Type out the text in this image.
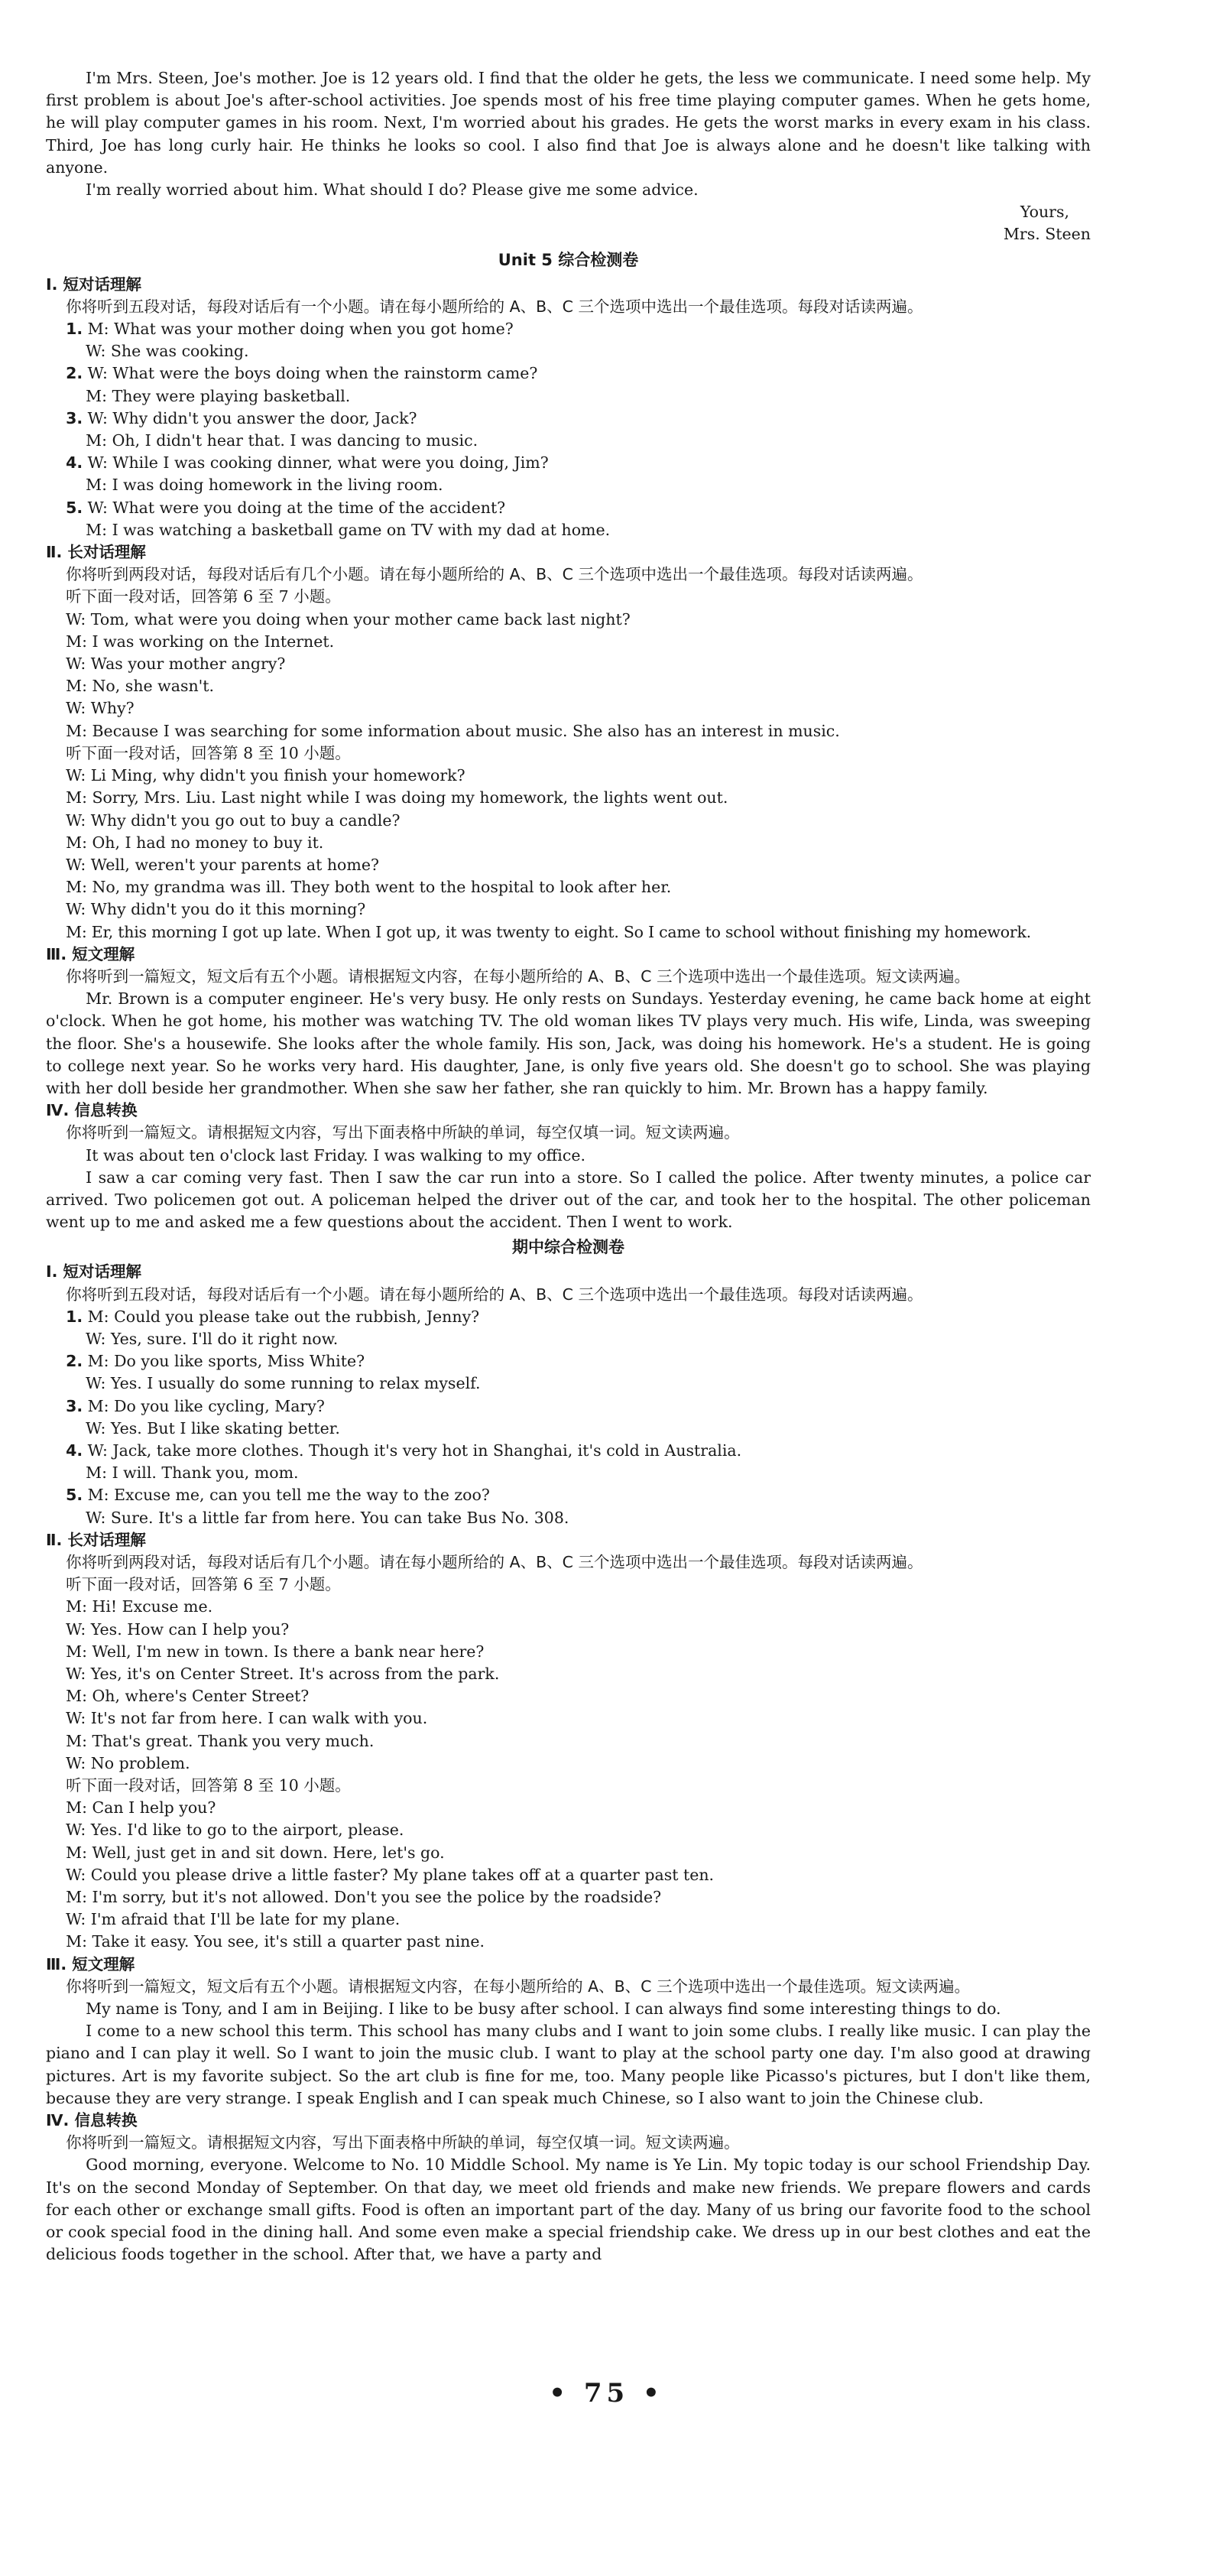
I'm Mrs. Steen, Joe's mother. Joe is 12 years old. I find that the older he gets, the less we communicate. I need some help. My first problem is about Joe's after-school activities. Joe spends most of his free time playing computer games. When he gets home, he will play computer games in his room. Next, I'm worried about his grades. He gets the worst marks in every exam in his class. Third, Joe has long curly hair. He thinks he looks so cool. I also find that Joe is always alone and he doesn't like talking with anyone.

I'm really worried about him. What should I do? Please give me some advice.

Yours,

Mrs. Steen

Unit 5 综合检测卷

Ⅰ. 短对话理解

你将听到五段对话，每段对话后有一个小题。请在每小题所给的 A、B、C 三个选项中选出一个最佳选项。每段对话读两遍。

1. M: What was your mother doing when you got home?

W: She was cooking.

2. W: What were the boys doing when the rainstorm came?

M: They were playing basketball.

3. W: Why didn't you answer the door, Jack?

M: Oh, I didn't hear that. I was dancing to music.

4. W: While I was cooking dinner, what were you doing, Jim?

M: I was doing homework in the living room.

5. W: What were you doing at the time of the accident?

M: I was watching a basketball game on TV with my dad at home.

Ⅱ. 长对话理解

你将听到两段对话，每段对话后有几个小题。请在每小题所给的 A、B、C 三个选项中选出一个最佳选项。每段对话读两遍。

听下面一段对话，回答第 6 至 7 小题。

W: Tom, what were you doing when your mother came back last night?

M: I was working on the Internet.

W: Was your mother angry?

M: No, she wasn't.

W: Why?

M: Because I was searching for some information about music. She also has an interest in music.

听下面一段对话，回答第 8 至 10 小题。

W: Li Ming, why didn't you finish your homework?

M: Sorry, Mrs. Liu. Last night while I was doing my homework, the lights went out.

W: Why didn't you go out to buy a candle?

M: Oh, I had no money to buy it.

W: Well, weren't your parents at home?

M: No, my grandma was ill. They both went to the hospital to look after her.

W: Why didn't you do it this morning?

M: Er, this morning I got up late. When I got up, it was twenty to eight. So I came to school without finishing my homework.

Ⅲ. 短文理解

你将听到一篇短文，短文后有五个小题。请根据短文内容，在每小题所给的 A、B、C 三个选项中选出一个最佳选项。短文读两遍。

Mr. Brown is a computer engineer. He's very busy. He only rests on Sundays. Yesterday evening, he came back home at eight o'clock. When he got home, his mother was watching TV. The old woman likes TV plays very much. His wife, Linda, was sweeping the floor. She's a housewife. She looks after the whole family. His son, Jack, was doing his homework. He's a student. He is going to college next year. So he works very hard. His daughter, Jane, is only five years old. She doesn't go to school. She was playing with her doll beside her grandmother. When she saw her father, she ran quickly to him. Mr. Brown has a happy family.

Ⅳ. 信息转换

你将听到一篇短文。请根据短文内容，写出下面表格中所缺的单词，每空仅填一词。短文读两遍。

It was about ten o'clock last Friday. I was walking to my office.

I saw a car coming very fast. Then I saw the car run into a store. So I called the police. After twenty minutes, a police car arrived. Two policemen got out. A policeman helped the driver out of the car, and took her to the hospital. The other policeman went up to me and asked me a few questions about the accident. Then I went to work.

期中综合检测卷

Ⅰ. 短对话理解

你将听到五段对话，每段对话后有一个小题。请在每小题所给的 A、B、C 三个选项中选出一个最佳选项。每段对话读两遍。

1. M: Could you please take out the rubbish, Jenny?

W: Yes, sure. I'll do it right now.

2. M: Do you like sports, Miss White?

W: Yes. I usually do some running to relax myself.

3. M: Do you like cycling, Mary?

W: Yes. But I like skating better.

4. W: Jack, take more clothes. Though it's very hot in Shanghai, it's cold in Australia.

M: I will. Thank you, mom.

5. M: Excuse me, can you tell me the way to the zoo?

W: Sure. It's a little far from here. You can take Bus No. 308.

Ⅱ. 长对话理解

你将听到两段对话，每段对话后有几个小题。请在每小题所给的 A、B、C 三个选项中选出一个最佳选项。每段对话读两遍。

听下面一段对话，回答第 6 至 7 小题。

M: Hi! Excuse me.

W: Yes. How can I help you?

M: Well, I'm new in town. Is there a bank near here?

W: Yes, it's on Center Street. It's across from the park.

M: Oh, where's Center Street?

W: It's not far from here. I can walk with you.

M: That's great. Thank you very much.

W: No problem.

听下面一段对话，回答第 8 至 10 小题。

M: Can I help you?

W: Yes. I'd like to go to the airport, please.

M: Well, just get in and sit down. Here, let's go.

W: Could you please drive a little faster? My plane takes off at a quarter past ten.

M: I'm sorry, but it's not allowed. Don't you see the police by the roadside?

W: I'm afraid that I'll be late for my plane.

M: Take it easy. You see, it's still a quarter past nine.

Ⅲ. 短文理解

你将听到一篇短文，短文后有五个小题。请根据短文内容，在每小题所给的 A、B、C 三个选项中选出一个最佳选项。短文读两遍。

My name is Tony, and I am in Beijing. I like to be busy after school. I can always find some interesting things to do.

I come to a new school this term. This school has many clubs and I want to join some clubs. I really like music. I can play the piano and I can play it well. So I want to join the music club. I want to play at the school party one day. I'm also good at drawing pictures. Art is my favorite subject. So the art club is fine for me, too. Many people like Picasso's pictures, but I don't like them, because they are very strange. I speak English and I can speak much Chinese, so I also want to join the Chinese club.

Ⅳ. 信息转换

你将听到一篇短文。请根据短文内容，写出下面表格中所缺的单词，每空仅填一词。短文读两遍。

Good morning, everyone. Welcome to No. 10 Middle School. My name is Ye Lin. My topic today is our school Friendship Day. It's on the second Monday of September. On that day, we meet old friends and make new friends. We prepare flowers and cards for each other or exchange small gifts. Food is often an important part of the day. Many of us bring our favorite food to the school or cook special food in the dining hall. And some even make a special friendship cake. We dress up in our best clothes and eat the delicious foods together in the school. After that, we have a party and

• 75 •
